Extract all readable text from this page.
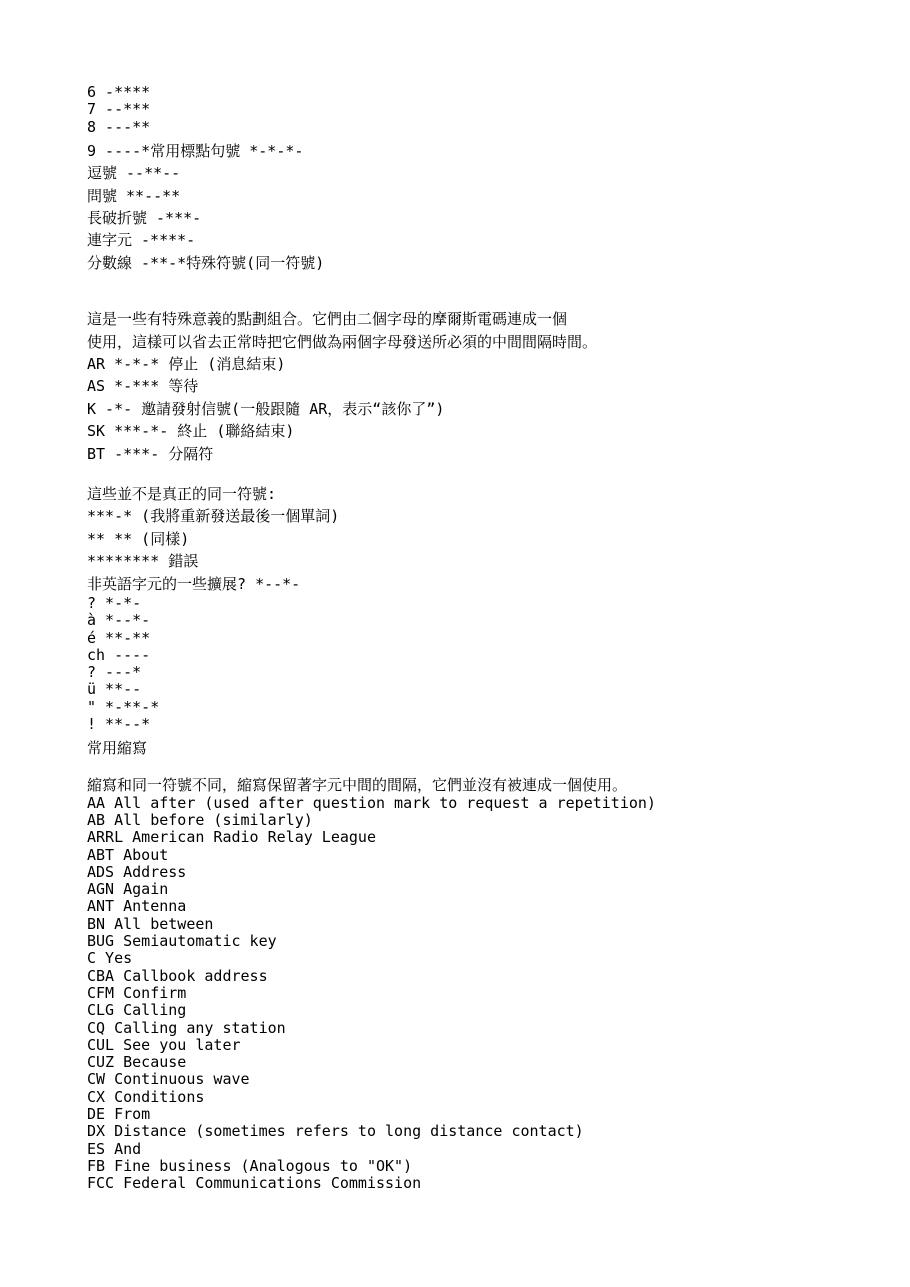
6 -****
7 --***
8 ---**
9 ----*常用標點句號 *-*-*-
逗號 --**--
問號 **--**
長破折號 -***-
連字元 -****-
分數線 -**-*特殊符號(同一符號)
這是一些有特殊意義的點劃組合。它們由二個字母的摩爾斯電碼連成一個
使用，這樣可以省去正常時把它們做為兩個字母發送所必須的中間間隔時間。
AR *-*-* 停止 (消息結束)
AS *-*** 等待
K -*- 邀請發射信號(一般跟隨 AR，表示“該你了”)
SK ***-*- 終止 (聯絡結束)
BT -***- 分隔符
這些並不是真正的同一符號:
***-* (我將重新發送最後一個單詞)
** ** (同樣)
******** 錯誤
非英語字元的一些擴展? *--*-
? *-*-
à *--*-
é **-**
ch ----
? ---*
ü **--
" *-**-*
! **--*
常用縮寫
縮寫和同一符號不同，縮寫保留著字元中間的間隔，它們並沒有被連成一個使用。
AA All after (used after question mark to request a repetition)
AB All before (similarly)
ARRL American Radio Relay League
ABT About
ADS Address
AGN Again
ANT Antenna
BN All between
BUG Semiautomatic key
C Yes
CBA Callbook address
CFM Confirm
CLG Calling
CQ Calling any station
CUL See you later
CUZ Because
CW Continuous wave
CX Conditions
DE From
DX Distance (sometimes refers to long distance contact)
ES And
FB Fine business (Analogous to "OK")
FCC Federal Communications Commission
